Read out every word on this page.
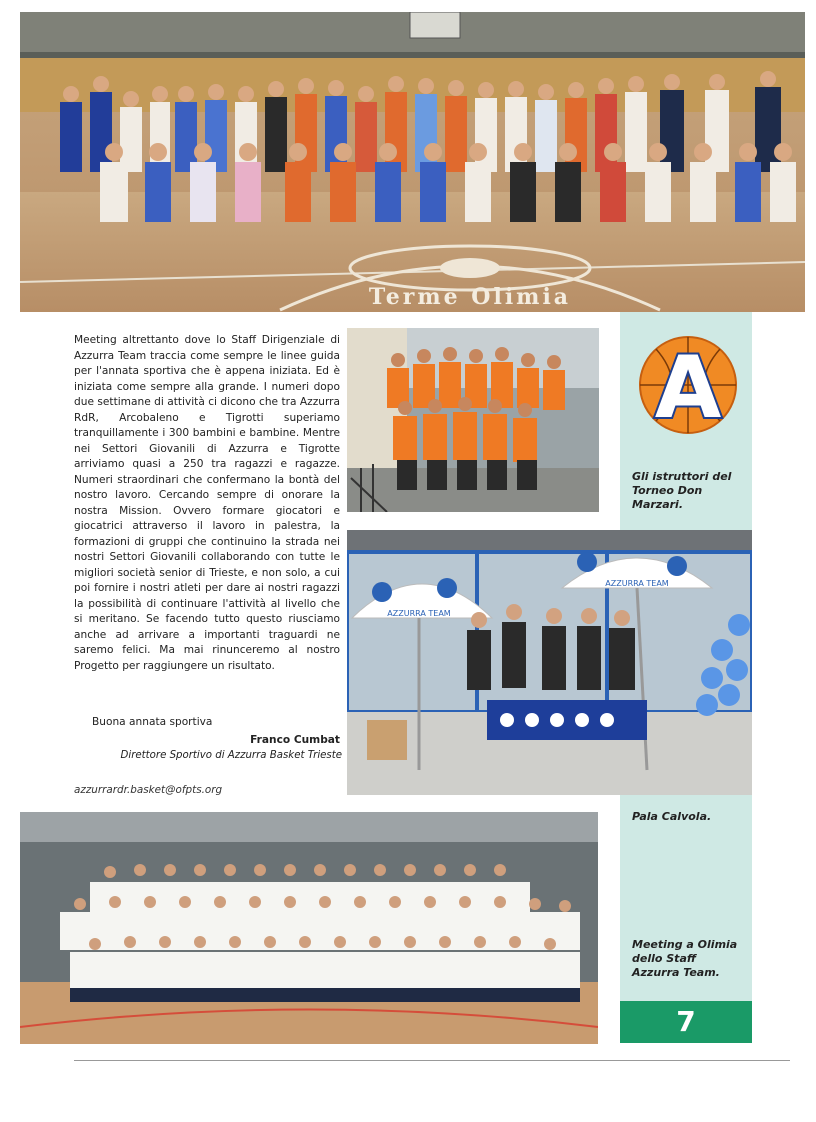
Terme Olimia

Meeting altrettanto dove lo Staff Dirigenziale di Azzurra Team traccia come sempre le linee guida per l'annata sportiva che è appena iniziata. Ed è iniziata come sempre alla grande. I numeri dopo due settimane di attività ci dicono che tra Azzurra RdR, Arcobaleno e Tigrotti superiamo tranquillamente i 300 bambini e bambine. Mentre nei Settori Giovanili di Azzurra e Tigrotte arriviamo quasi a 250 tra ragazzi e ragazze. Numeri straordinari che confermano la bontà del nostro lavoro. Cercando sempre di onorare la nostra Mission. Ovvero formare giocatori e giocatrici attraverso il lavoro in palestra, la formazioni di gruppi che continuino la strada nei nostri Settori Giovanili collaborando con tutte le migliori società senior di Trieste, e non solo, a cui poi fornire i nostri atleti per dare ai nostri ragazzi la possibilità di continuare l'attività al livello che si meritano. Se facendo tutto questo riusciamo anche ad arrivare a importanti traguardi ne saremo felici. Ma mai rinunceremo al nostro Progetto per raggiungere un risultato.

Buona annata sportiva
Franco Cumbat
Direttore Sportivo di Azzurra Basket Trieste
azzurrardr.basket@ofpts.org
A
Gli istruttori del Torneo Don Marzari.
AZZURRA TEAM
AZZURRA TEAM
Pala Calvola.
Meeting a Olimia dello Staff Azzurra Team.
7
